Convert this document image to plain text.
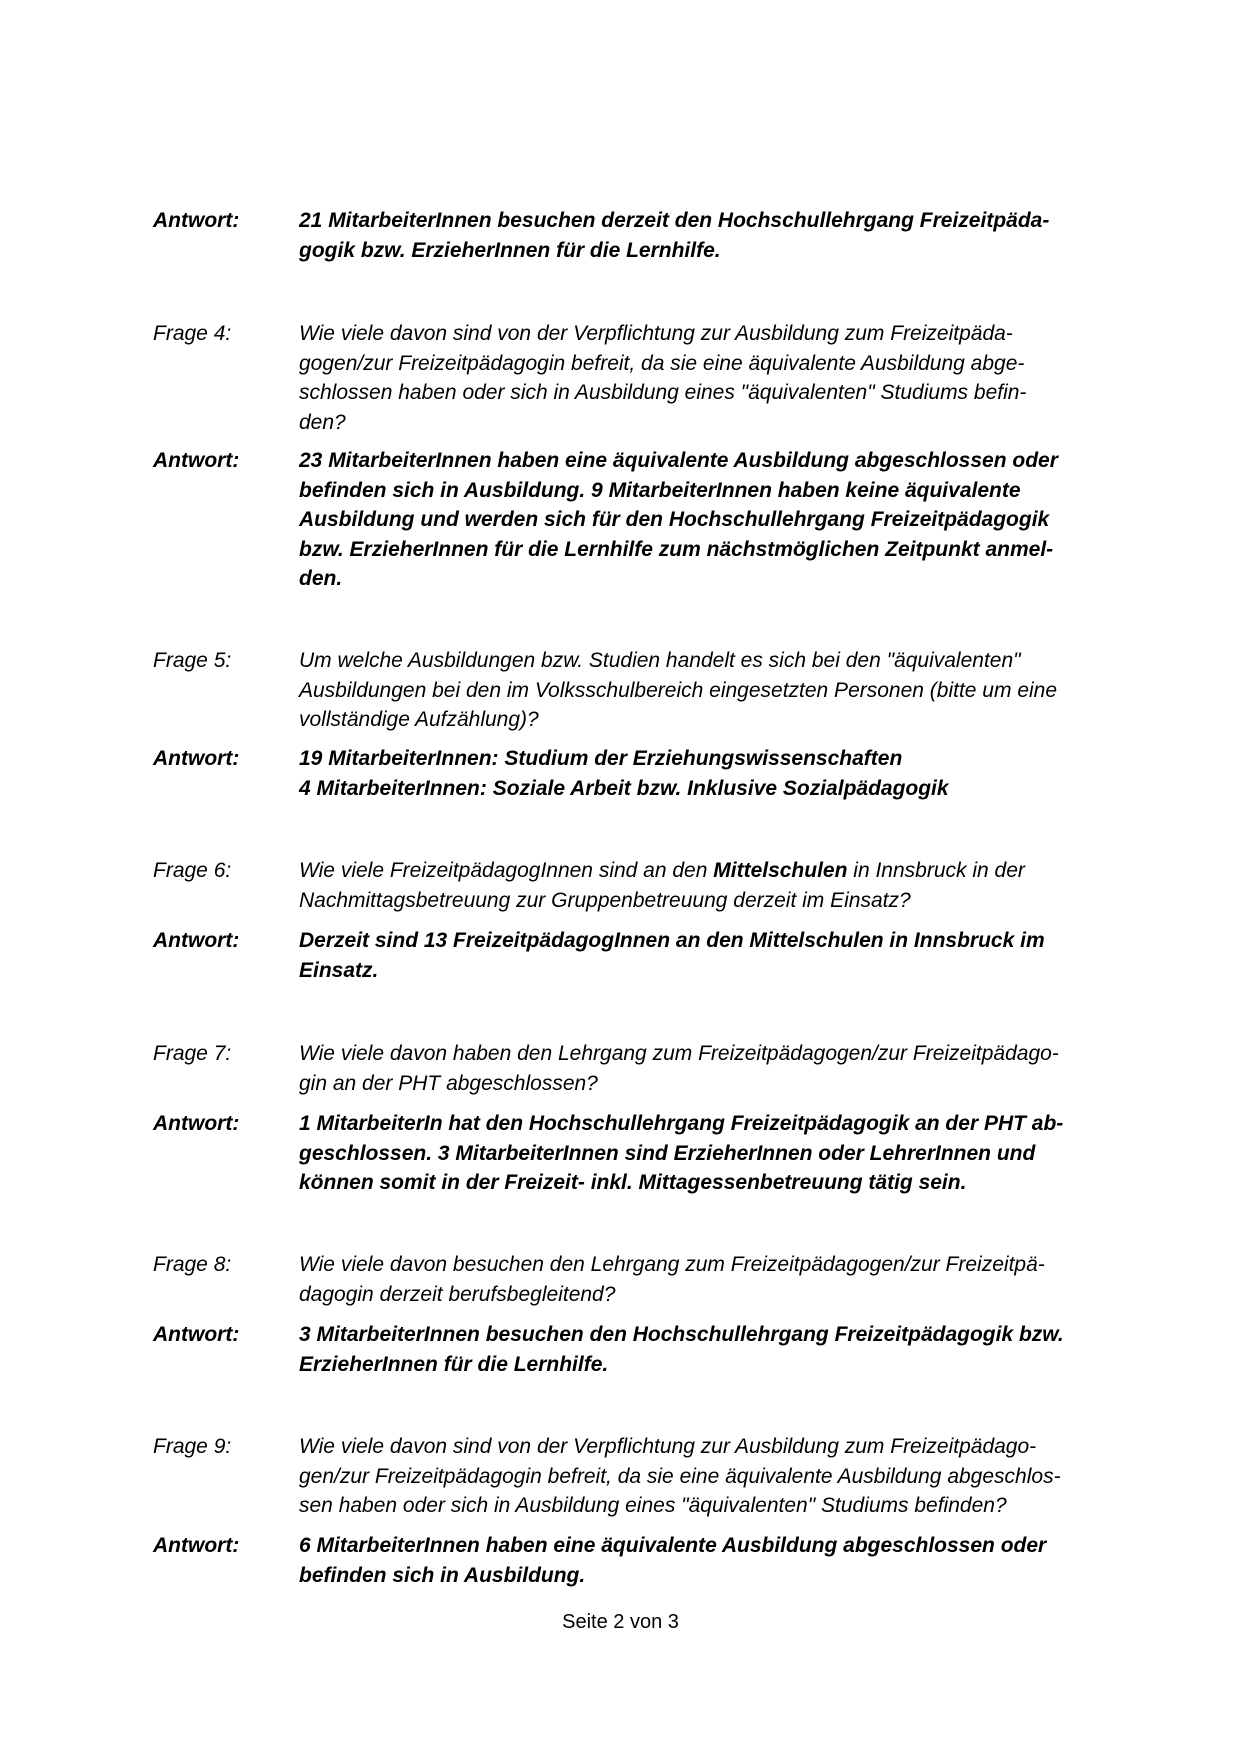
Antwort:	21 MitarbeiterInnen besuchen derzeit den Hochschullehrgang Freizeitpäda-
gogik bzw. ErzieherInnen für die Lernhilfe.
Frage 4:	Wie viele davon sind von der Verpflichtung zur Ausbildung zum Freizeitpäda-
gogen/zur Freizeitpädagogin befreit, da sie eine äquivalente Ausbildung abge-
schlossen haben oder sich in Ausbildung eines "äquivalenten" Studiums befin-
den?
Antwort:	23 MitarbeiterInnen haben eine äquivalente Ausbildung abgeschlossen oder
befinden sich in Ausbildung. 9 MitarbeiterInnen haben keine äquivalente
Ausbildung und werden sich für den Hochschullehrgang Freizeitpädagogik
bzw. ErzieherInnen für die Lernhilfe zum nächstmöglichen Zeitpunkt anmel-
den.
Frage 5:	Um welche Ausbildungen bzw. Studien handelt es sich bei den "äquivalenten"
Ausbildungen bei den im Volksschulbereich eingesetzten Personen (bitte um eine
vollständige Aufzählung)?
Antwort:	19 MitarbeiterInnen: Studium der Erziehungswissenschaften
4 MitarbeiterInnen: Soziale Arbeit bzw. Inklusive Sozialpädagogik
Frage 6:	Wie viele FreizeitpädagogInnen sind an den Mittelschulen in Innsbruck in der
Nachmittagsbetreuung zur Gruppenbetreuung derzeit im Einsatz?
Antwort:	Derzeit sind 13 FreizeitpädagogInnen an den Mittelschulen in Innsbruck im
Einsatz.
Frage 7:	Wie viele davon haben den Lehrgang zum Freizeitpädagogen/zur Freizeitpädago-
gin an der PHT abgeschlossen?
Antwort:	1 MitarbeiterIn hat den Hochschullehrgang Freizeitpädagogik an der PHT ab-
geschlossen. 3 MitarbeiterInnen sind ErzieherInnen oder LehrerInnen und
können somit in der Freizeit- inkl. Mittagessenbetreuung tätig sein.
Frage 8:	Wie viele davon besuchen den Lehrgang zum Freizeitpädagogen/zur Freizeitpä-
dagogin derzeit berufsbegleitend?
Antwort:	3 MitarbeiterInnen besuchen den Hochschullehrgang Freizeitpädagogik bzw.
ErzieherInnen für die Lernhilfe.
Frage 9:	Wie viele davon sind von der Verpflichtung zur Ausbildung zum Freizeitpädago-
gen/zur Freizeitpädagogin befreit, da sie eine äquivalente Ausbildung abgeschlos-
sen haben oder sich in Ausbildung eines "äquivalenten" Studiums befinden?
Antwort:	6 MitarbeiterInnen haben eine äquivalente Ausbildung abgeschlossen oder
befinden sich in Ausbildung.
Seite 2 von 3
